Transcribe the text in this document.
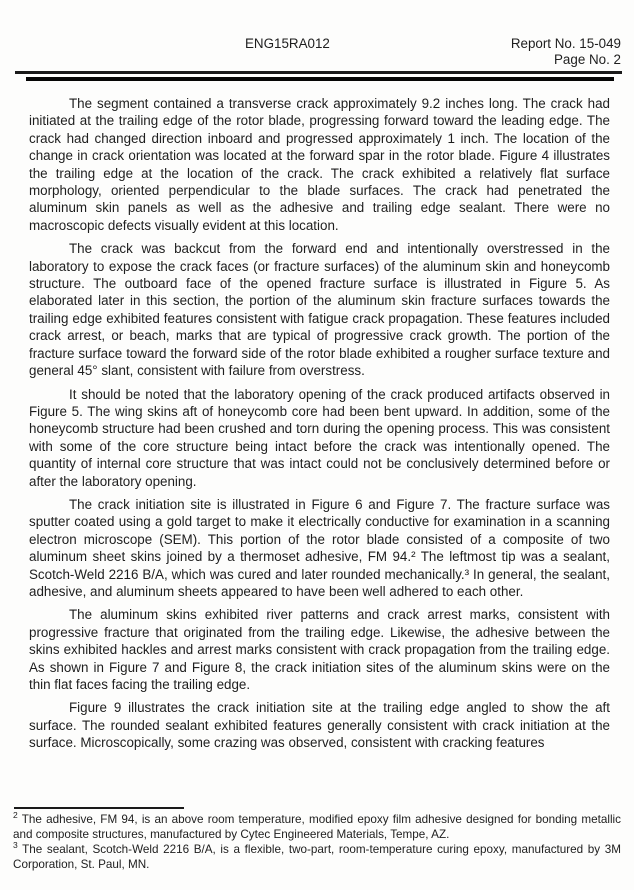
ENG15RA012	Report No. 15-049
Page No. 2

The segment contained a transverse crack approximately 9.2 inches long. The crack had initiated at the trailing edge of the rotor blade, progressing forward toward the leading edge. The crack had changed direction inboard and progressed approximately 1 inch. The location of the change in crack orientation was located at the forward spar in the rotor blade. Figure 4 illustrates the trailing edge at the location of the crack. The crack exhibited a relatively flat surface morphology, oriented perpendicular to the blade surfaces. The crack had penetrated the aluminum skin panels as well as the adhesive and trailing edge sealant. There were no macroscopic defects visually evident at this location.

The crack was backcut from the forward end and intentionally overstressed in the laboratory to expose the crack faces (or fracture surfaces) of the aluminum skin and honeycomb structure. The outboard face of the opened fracture surface is illustrated in Figure 5. As elaborated later in this section, the portion of the aluminum skin fracture surfaces towards the trailing edge exhibited features consistent with fatigue crack propagation. These features included crack arrest, or beach, marks that are typical of progressive crack growth. The portion of the fracture surface toward the forward side of the rotor blade exhibited a rougher surface texture and general 45° slant, consistent with failure from overstress.

It should be noted that the laboratory opening of the crack produced artifacts observed in Figure 5. The wing skins aft of honeycomb core had been bent upward. In addition, some of the honeycomb structure had been crushed and torn during the opening process. This was consistent with some of the core structure being intact before the crack was intentionally opened. The quantity of internal core structure that was intact could not be conclusively determined before or after the laboratory opening.

The crack initiation site is illustrated in Figure 6 and Figure 7. The fracture surface was sputter coated using a gold target to make it electrically conductive for examination in a scanning electron microscope (SEM). This portion of the rotor blade consisted of a composite of two aluminum sheet skins joined by a thermoset adhesive, FM 94.² The leftmost tip was a sealant, Scotch-Weld 2216 B/A, which was cured and later rounded mechanically.³ In general, the sealant, adhesive, and aluminum sheets appeared to have been well adhered to each other.

The aluminum skins exhibited river patterns and crack arrest marks, consistent with progressive fracture that originated from the trailing edge. Likewise, the adhesive between the skins exhibited hackles and arrest marks consistent with crack propagation from the trailing edge. As shown in Figure 7 and Figure 8, the crack initiation sites of the aluminum skins were on the thin flat faces facing the trailing edge.

Figure 9 illustrates the crack initiation site at the trailing edge angled to show the aft surface. The rounded sealant exhibited features generally consistent with crack initiation at the surface. Microscopically, some crazing was observed, consistent with cracking features

$^2$ The adhesive, FM 94, is an above room temperature, modified epoxy film adhesive designed for bonding metallic and composite structures, manufactured by Cytec Engineered Materials, Tempe, AZ.
$^3$ The sealant, Scotch-Weld 2216 B/A, is a flexible, two-part, room-temperature curing epoxy, manufactured by 3M Corporation, St. Paul, MN.
